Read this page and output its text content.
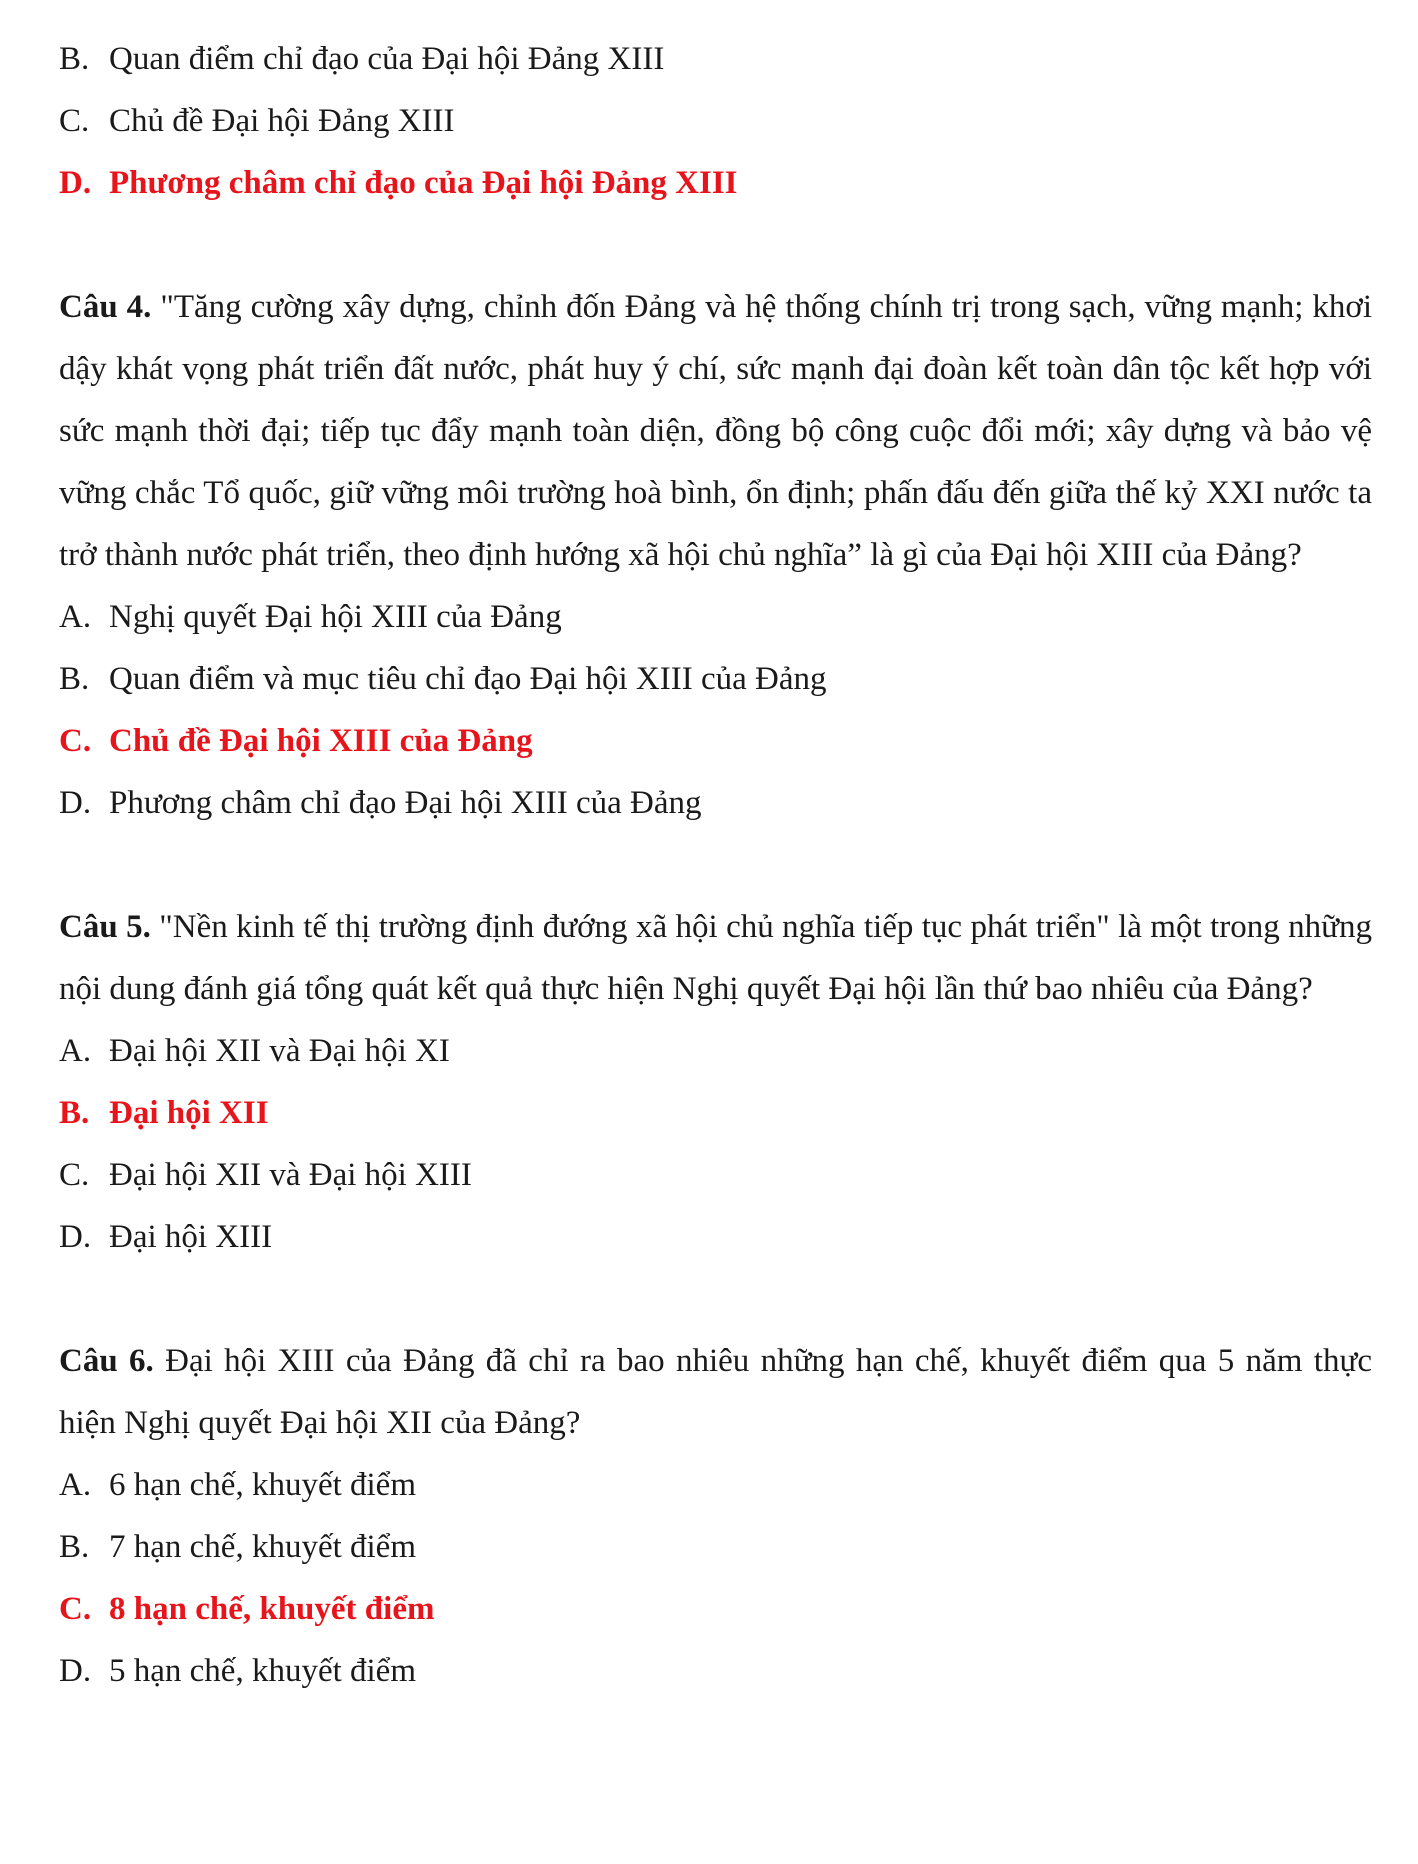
B. Quan điểm chỉ đạo của Đại hội Đảng XIII
C. Chủ đề Đại hội Đảng XIII
D. Phương châm chỉ đạo của Đại hội Đảng XIII

Câu 4. "Tăng cường xây dựng, chỉnh đốn Đảng và hệ thống chính trị trong sạch, vững mạnh; khơi dậy khát vọng phát triển đất nước, phát huy ý chí, sức mạnh đại đoàn kết toàn dân tộc kết hợp với sức mạnh thời đại; tiếp tục đẩy mạnh toàn diện, đồng bộ công cuộc đổi mới; xây dựng và bảo vệ vững chắc Tổ quốc, giữ vững môi trường hoà bình, ổn định; phấn đấu đến giữa thế kỷ XXI nước ta trở thành nước phát triển, theo định hướng xã hội chủ nghĩa” là gì của Đại hội XIII của Đảng?

A. Nghị quyết Đại hội XIII của Đảng
B. Quan điểm và mục tiêu chỉ đạo Đại hội XIII của Đảng
C. Chủ đề Đại hội XIII của Đảng
D. Phương châm chỉ đạo Đại hội XIII của Đảng

Câu 5. "Nền kinh tế thị trường định đướng xã hội chủ nghĩa tiếp tục phát triển" là một trong những nội dung đánh giá tổng quát kết quả thực hiện Nghị quyết Đại hội lần thứ bao nhiêu của Đảng?

A. Đại hội XII và Đại hội XI
B. Đại hội XII
C. Đại hội XII và Đại hội XIII
D. Đại hội XIII

Câu 6. Đại hội XIII của Đảng đã chỉ ra bao nhiêu những hạn chế, khuyết điểm qua 5 năm thực hiện Nghị quyết Đại hội XII của Đảng?

A. 6 hạn chế, khuyết điểm
B. 7 hạn chế, khuyết điểm
C. 8 hạn chế, khuyết điểm
D. 5 hạn chế, khuyết điểm
